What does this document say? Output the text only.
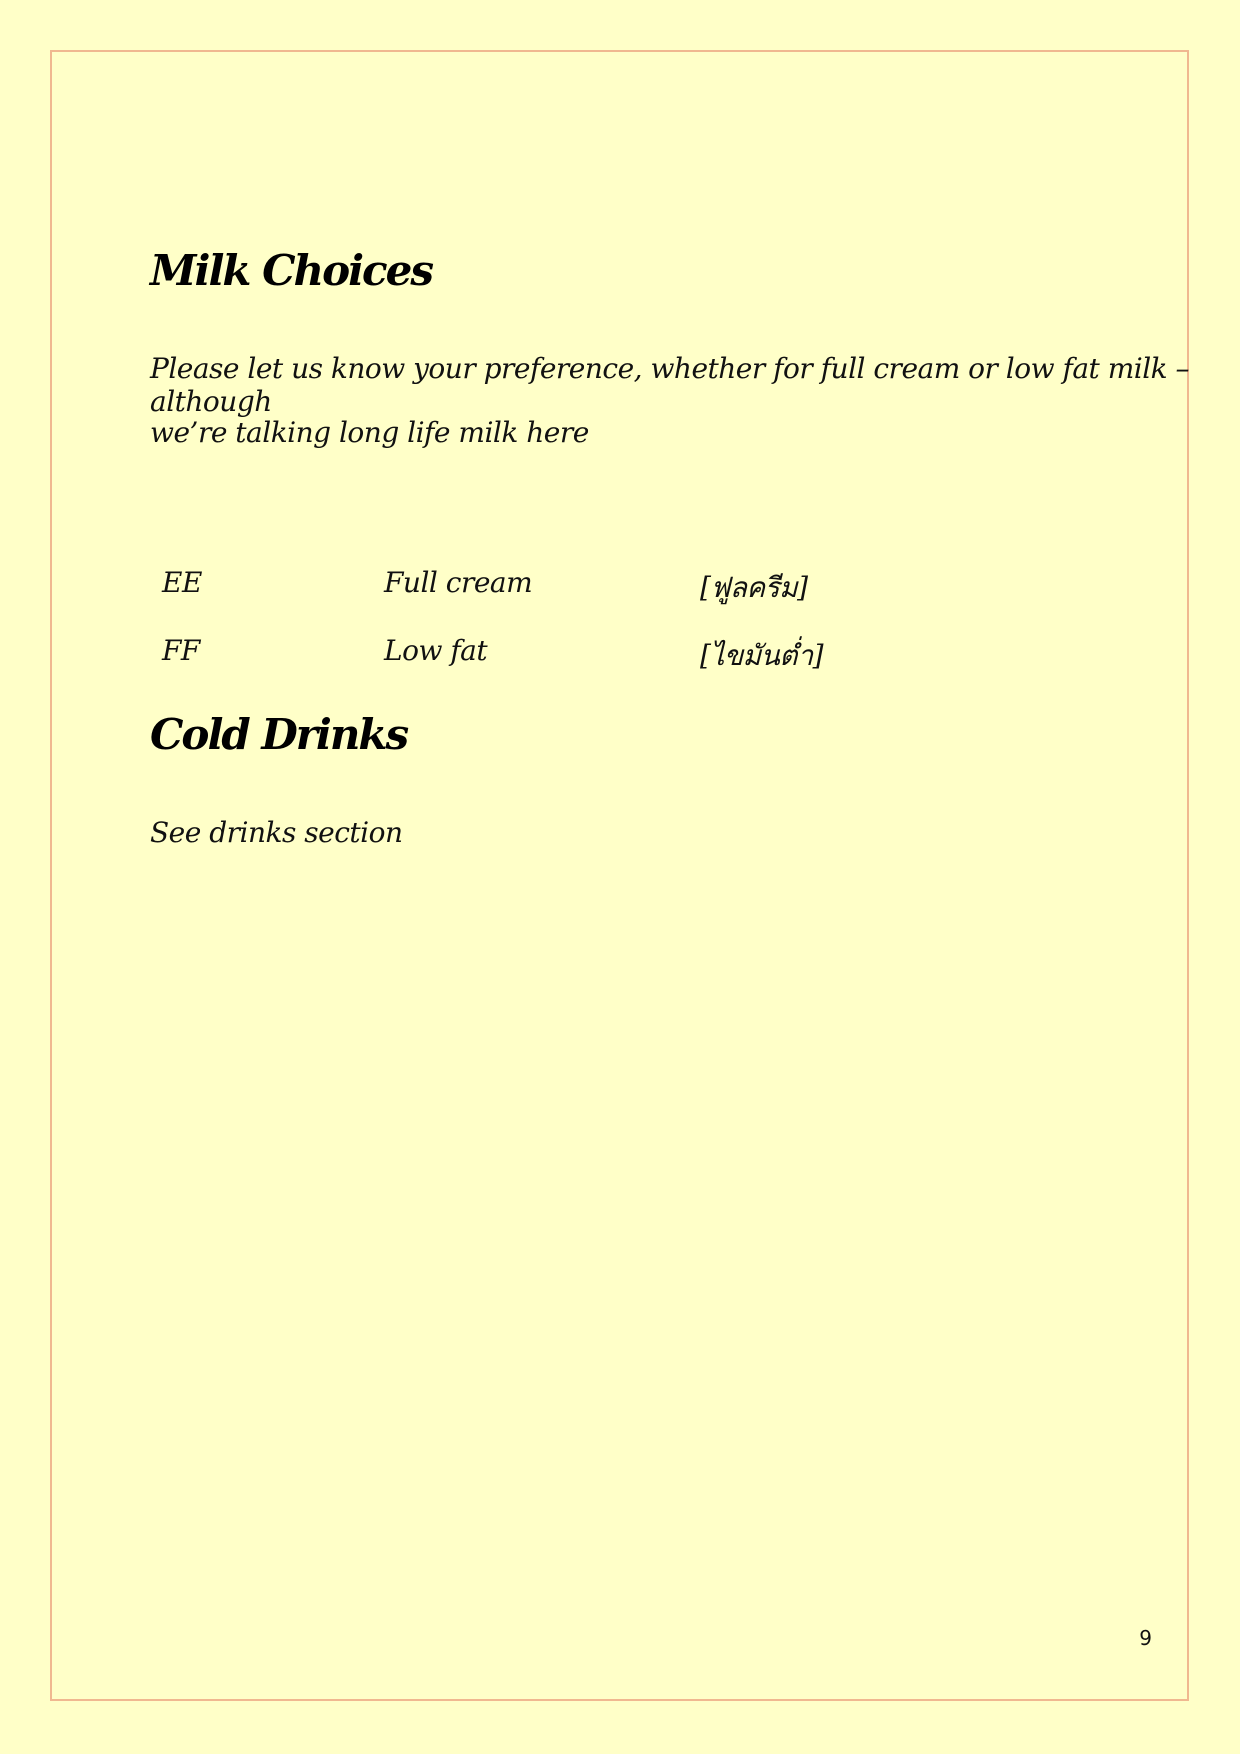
Milk Choices

Please let us know your preference, whether for full cream or low fat milk – although

we’re talking long life milk here

EE	Full cream	[ฟูลครีม]
FF	Low fat	[ไขมันต่ำ]
Cold Drinks

See drinks section

9
